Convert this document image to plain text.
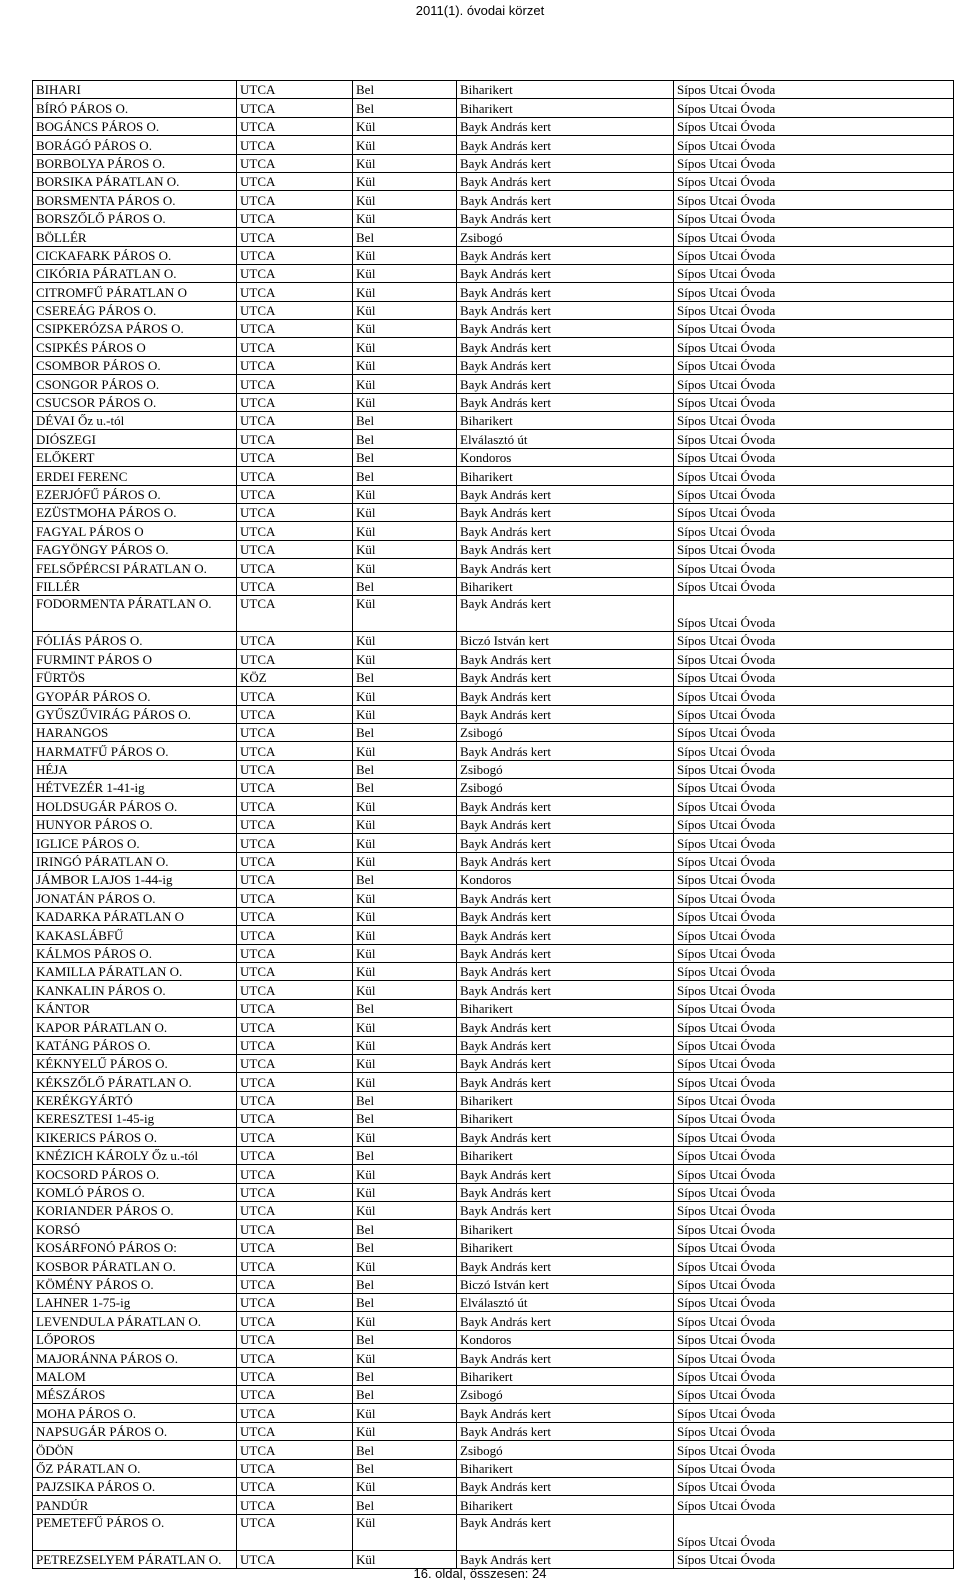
2011(1). óvodai körzet
BIHARI	UTCA	Bel	Biharikert	Sípos Utcai Óvoda
BÍRÓ PÁROS O.	UTCA	Bel	Biharikert	Sípos Utcai Óvoda
BOGÁNCS PÁROS O.	UTCA	Kül	Bayk András kert	Sípos Utcai Óvoda
BORÁGÓ PÁROS O.	UTCA	Kül	Bayk András kert	Sípos Utcai Óvoda
BORBOLYA PÁROS O.	UTCA	Kül	Bayk András kert	Sípos Utcai Óvoda
BORSIKA PÁRATLAN O.	UTCA	Kül	Bayk András kert	Sípos Utcai Óvoda
BORSMENTA PÁROS O.	UTCA	Kül	Bayk András kert	Sípos Utcai Óvoda
BORSZŐLŐ PÁROS O.	UTCA	Kül	Bayk András kert	Sípos Utcai Óvoda
BÖLLÉR	UTCA	Bel	Zsibogó	Sípos Utcai Óvoda
CICKAFARK PÁROS O.	UTCA	Kül	Bayk András kert	Sípos Utcai Óvoda
CIKÓRIA PÁRATLAN O.	UTCA	Kül	Bayk András kert	Sípos Utcai Óvoda
CITROMFŰ PÁRATLAN O	UTCA	Kül	Bayk András kert	Sípos Utcai Óvoda
CSEREÁG PÁROS O.	UTCA	Kül	Bayk András kert	Sípos Utcai Óvoda
CSIPKERÓZSA PÁROS O.	UTCA	Kül	Bayk András kert	Sípos Utcai Óvoda
CSIPKÉS PÁROS O	UTCA	Kül	Bayk András kert	Sípos Utcai Óvoda
CSOMBOR PÁROS O.	UTCA	Kül	Bayk András kert	Sípos Utcai Óvoda
CSONGOR PÁROS O.	UTCA	Kül	Bayk András kert	Sípos Utcai Óvoda
CSUCSOR PÁROS O.	UTCA	Kül	Bayk András kert	Sípos Utcai Óvoda
DÉVAI Őz u.-tól	UTCA	Bel	Biharikert	Sípos Utcai Óvoda
DIÓSZEGI	UTCA	Bel	Elválasztó út	Sípos Utcai Óvoda
ELŐKERT	UTCA	Bel	Kondoros	Sípos Utcai Óvoda
ERDEI FERENC	UTCA	Bel	Biharikert	Sípos Utcai Óvoda
EZERJÓFŰ PÁROS O.	UTCA	Kül	Bayk András kert	Sípos Utcai Óvoda
EZÜSTMOHA PÁROS O.	UTCA	Kül	Bayk András kert	Sípos Utcai Óvoda
FAGYAL PÁROS O	UTCA	Kül	Bayk András kert	Sípos Utcai Óvoda
FAGYÖNGY PÁROS O.	UTCA	Kül	Bayk András kert	Sípos Utcai Óvoda
FELSŐPÉRCSI PÁRATLAN O.	UTCA	Kül	Bayk András kert	Sípos Utcai Óvoda
FILLÉR	UTCA	Bel	Biharikert	Sípos Utcai Óvoda
FODORMENTA PÁRATLAN O.	UTCA	Kül	Bayk András kert	Sípos Utcai Óvoda
FÓLIÁS PÁROS O.	UTCA	Kül	Biczó István kert	Sípos Utcai Óvoda
FURMINT PÁROS O	UTCA	Kül	Bayk András kert	Sípos Utcai Óvoda
FÜRTÖS	KÖZ	Bel	Bayk András kert	Sípos Utcai Óvoda
GYOPÁR PÁROS O.	UTCA	Kül	Bayk András kert	Sípos Utcai Óvoda
GYŰSZŰVIRÁG PÁROS O.	UTCA	Kül	Bayk András kert	Sípos Utcai Óvoda
HARANGOS	UTCA	Bel	Zsibogó	Sípos Utcai Óvoda
HARMATFŰ PÁROS O.	UTCA	Kül	Bayk András kert	Sípos Utcai Óvoda
HÉJA	UTCA	Bel	Zsibogó	Sípos Utcai Óvoda
HÉTVEZÉR 1-41-ig	UTCA	Bel	Zsibogó	Sípos Utcai Óvoda
HOLDSUGÁR PÁROS O.	UTCA	Kül	Bayk András kert	Sípos Utcai Óvoda
HUNYOR PÁROS O.	UTCA	Kül	Bayk András kert	Sípos Utcai Óvoda
IGLICE PÁROS O.	UTCA	Kül	Bayk András kert	Sípos Utcai Óvoda
IRINGÓ PÁRATLAN O.	UTCA	Kül	Bayk András kert	Sípos Utcai Óvoda
JÁMBOR LAJOS 1-44-ig	UTCA	Bel	Kondoros	Sípos Utcai Óvoda
JONATÁN PÁROS O.	UTCA	Kül	Bayk András kert	Sípos Utcai Óvoda
KADARKA PÁRATLAN O	UTCA	Kül	Bayk András kert	Sípos Utcai Óvoda
KAKASLÁBFŰ	UTCA	Kül	Bayk András kert	Sípos Utcai Óvoda
KÁLMOS PÁROS O.	UTCA	Kül	Bayk András kert	Sípos Utcai Óvoda
KAMILLA PÁRATLAN O.	UTCA	Kül	Bayk András kert	Sípos Utcai Óvoda
KANKALIN PÁROS O.	UTCA	Kül	Bayk András kert	Sípos Utcai Óvoda
KÁNTOR	UTCA	Bel	Biharikert	Sípos Utcai Óvoda
KAPOR PÁRATLAN O.	UTCA	Kül	Bayk András kert	Sípos Utcai Óvoda
KATÁNG PÁROS O.	UTCA	Kül	Bayk András kert	Sípos Utcai Óvoda
KÉKNYELŰ PÁROS O.	UTCA	Kül	Bayk András kert	Sípos Utcai Óvoda
KÉKSZŐLŐ PÁRATLAN O.	UTCA	Kül	Bayk András kert	Sípos Utcai Óvoda
KERÉKGYÁRTÓ	UTCA	Bel	Biharikert	Sípos Utcai Óvoda
KERESZTESI 1-45-ig	UTCA	Bel	Biharikert	Sípos Utcai Óvoda
KIKERICS PÁROS O.	UTCA	Kül	Bayk András kert	Sípos Utcai Óvoda
KNÉZICH KÁROLY Őz u.-tól	UTCA	Bel	Biharikert	Sípos Utcai Óvoda
KOCSORD PÁROS O.	UTCA	Kül	Bayk András kert	Sípos Utcai Óvoda
KOMLÓ PÁROS O.	UTCA	Kül	Bayk András kert	Sípos Utcai Óvoda
KORIANDER PÁROS O.	UTCA	Kül	Bayk András kert	Sípos Utcai Óvoda
KORSÓ	UTCA	Bel	Biharikert	Sípos Utcai Óvoda
KOSÁRFONÓ PÁROS O:	UTCA	Bel	Biharikert	Sípos Utcai Óvoda
KOSBOR PÁRATLAN O.	UTCA	Kül	Bayk András kert	Sípos Utcai Óvoda
KÖMÉNY PÁROS O.	UTCA	Bel	Biczó István kert	Sípos Utcai Óvoda
LAHNER 1-75-ig	UTCA	Bel	Elválasztó út	Sípos Utcai Óvoda
LEVENDULA PÁRATLAN O.	UTCA	Kül	Bayk András kert	Sípos Utcai Óvoda
LŐPOROS	UTCA	Bel	Kondoros	Sípos Utcai Óvoda
MAJORÁNNA PÁROS O.	UTCA	Kül	Bayk András kert	Sípos Utcai Óvoda
MALOM	UTCA	Bel	Biharikert	Sípos Utcai Óvoda
MÉSZÁROS	UTCA	Bel	Zsibogó	Sípos Utcai Óvoda
MOHA PÁROS O.	UTCA	Kül	Bayk András kert	Sípos Utcai Óvoda
NAPSUGÁR PÁROS O.	UTCA	Kül	Bayk András kert	Sípos Utcai Óvoda
ÖDÖN	UTCA	Bel	Zsibogó	Sípos Utcai Óvoda
ŐZ PÁRATLAN O.	UTCA	Bel	Biharikert	Sípos Utcai Óvoda
PAJZSIKA PÁROS O.	UTCA	Kül	Bayk András kert	Sípos Utcai Óvoda
PANDÚR	UTCA	Bel	Biharikert	Sípos Utcai Óvoda
PEMETEFŰ PÁROS O.	UTCA	Kül	Bayk András kert	Sípos Utcai Óvoda
PETREZSELYEM PÁRATLAN O.	UTCA	Kül	Bayk András kert	Sípos Utcai Óvoda
16. oldal, összesen: 24
